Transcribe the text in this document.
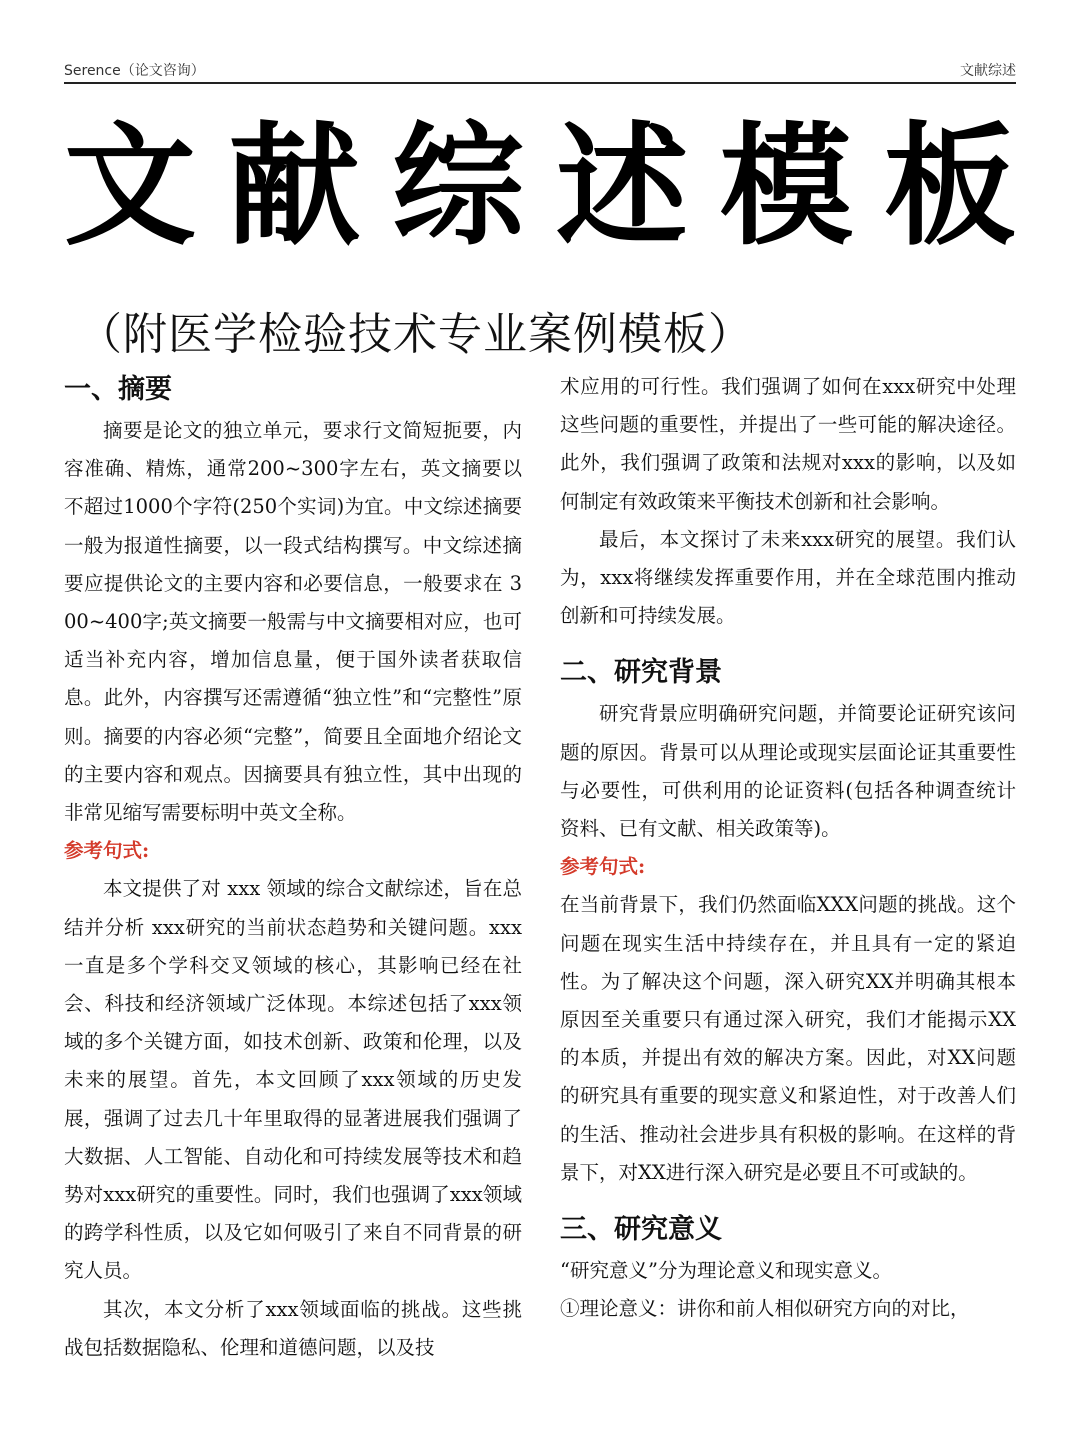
Serence（论文咨询）	文献综述
文 献 综 述 模 板
（附医学检验技术专业案例模板）
一、摘要

摘要是论文的独立单元，要求行文简短扼要，内容准确、精炼，通常200~300字左右，英文摘要以不超过1000个字符(250个实词)为宜。中文综述摘要一般为报道性摘要，以一段式结构撰写。中文综述摘要应提供论文的主要内容和必要信息，一般要求在 300~400字;英文摘要一般需与中文摘要相对应，也可适当补充内容，增加信息量，便于国外读者获取信息。此外，内容撰写还需遵循“独立性”和“完整性”原则。摘要的内容必须“完整”，简要且全面地介绍论文的主要内容和观点。因摘要具有独立性，其中出现的非常见缩写需要标明中英文全称。

参考句式:

本文提供了对 xxx 领域的综合文献综述，旨在总结并分析 xxx研究的当前状态趋势和关键问题。xxx一直是多个学科交叉领域的核心，其影响已经在社会、科技和经济领域广泛体现。本综述包括了xxx领域的多个关键方面，如技术创新、政策和伦理，以及未来的展望。首先，本文回顾了xxx领域的历史发展，强调了过去几十年里取得的显著进展我们强调了大数据、人工智能、自动化和可持续发展等技术和趋势对xxx研究的重要性。同时，我们也强调了xxx领域的跨学科性质，以及它如何吸引了来自不同背景的研究人员。

其次，本文分析了xxx领域面临的挑战。这些挑战包括数据隐私、伦理和道德问题，以及技

术应用的可行性。我们强调了如何在xxx研究中处理这些问题的重要性，并提出了一些可能的解决途径。此外，我们强调了政策和法规对xxx的影响，以及如何制定有效政策来平衡技术创新和社会影响。

最后，本文探讨了未来xxx研究的展望。我们认为，xxx将继续发挥重要作用，并在全球范围内推动创新和可持续发展。

二、研究背景

研究背景应明确研究问题，并简要论证研究该问题的原因。背景可以从理论或现实层面论证其重要性与必要性，可供利用的论证资料(包括各种调查统计资料、已有文献、相关政策等)。

参考句式:

在当前背景下，我们仍然面临XXX问题的挑战。这个问题在现实生活中持续存在，并且具有一定的紧迫性。为了解决这个问题，深入研究XX并明确其根本原因至关重要只有通过深入研究，我们才能揭示XX的本质，并提出有效的解决方案。因此，对XX问题的研究具有重要的现实意义和紧迫性，对于改善人们的生活、推动社会进步具有积极的影响。在这样的背景下，对XX进行深入研究是必要且不可或缺的。

三、研究意义

“研究意义”分为理论意义和现实意义。

①理论意义：讲你和前人相似研究方向的对比，
